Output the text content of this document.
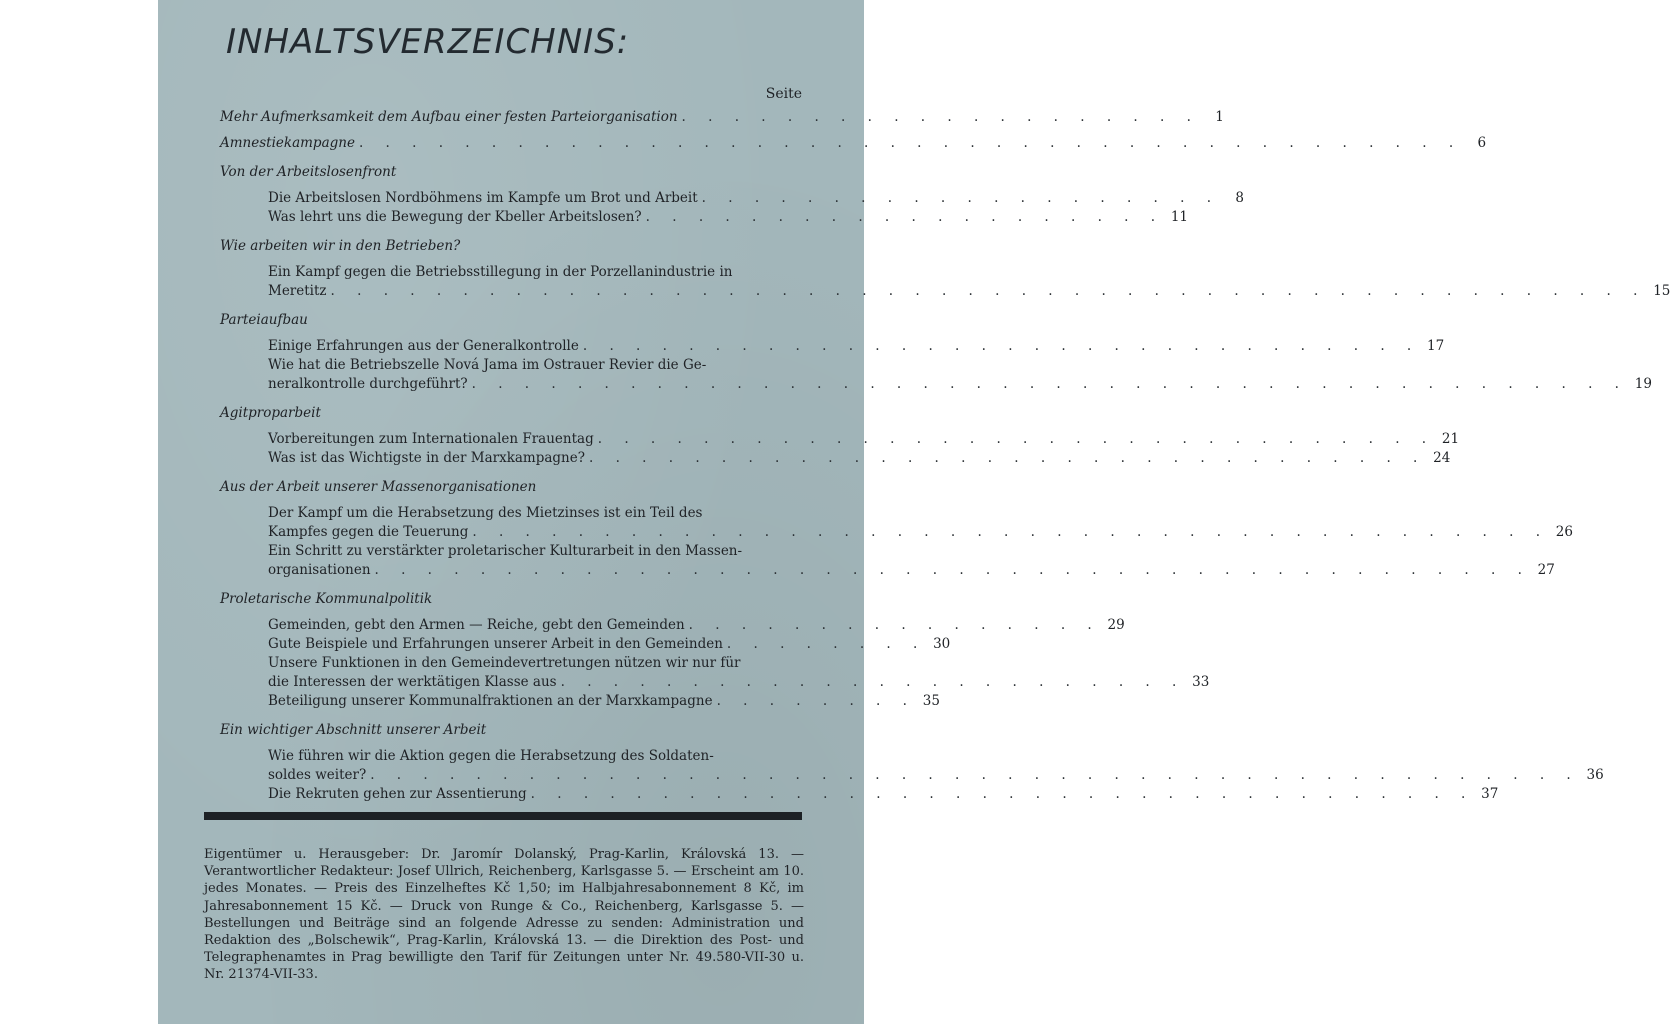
INHALTSVERZEICHNIS:
Seite
Mehr Aufmerksamkeit dem Aufbau einer festen Parteiorganisation . . . . . . . . . . . . . . . . . . . .	1
Amnestiekampagne . . . . . . . . . . . . . . . . . . . . . . . . . . . . . . . . . . . . . . . . . .	6
Von der Arbeitslosenfront
Die Arbeitslosen Nordböhmens im Kampfe um Brot und Arbeit . . . . . . . . . . . . . . . . . . . .	8
Was lehrt uns die Bewegung der Kbeller Arbeitslosen? . . . . . . . . . . . . . . . . . . . . 11
Wie arbeiten wir in den Betrieben?
Ein Kampf gegen die Betriebsstillegung in der Porzellanindustrie in
Meretitz . . . . . . . . . . . . . . . . . . . . . . . . . . . . . . . . . . . . . . . . . . . . . . . . . . 15
Parteiaufbau
Einige Erfahrungen aus der Generalkontrolle . . . . . . . . . . . . . . . . . . . . . . . . . . . . . . . . 17
Wie hat die Betriebszelle Nová Jama im Ostrauer Revier die Ge-
neralkontrolle durchgeführt? . . . . . . . . . . . . . . . . . . . . . . . . . . . . . . . . . . . . . . . . . . . . 19
Agitproparbeit
Vorbereitungen zum Internationalen Frauentag . . . . . . . . . . . . . . . . . . . . . . . . . . . . . . . . 21
Was ist das Wichtigste in der Marxkampagne? . . . . . . . . . . . . . . . . . . . . . . . . . . . . . . . . 24
Aus der Arbeit unserer Massenorganisationen
Der Kampf um die Herabsetzung des Mietzinses ist ein Teil des
Kampfes gegen die Teuerung . . . . . . . . . . . . . . . . . . . . . . . . . . . . . . . . . . . . . . . . . 26
Ein Schritt zu verstärkter proletarischer Kulturarbeit in den Massen-
organisationen . . . . . . . . . . . . . . . . . . . . . . . . . . . . . . . . . . . . . . . . . . . . 27
Proletarische Kommunalpolitik
Gemeinden, gebt den Armen — Reiche, gebt den Gemeinden . . . . . . . . . . . . . . . . 29
Gute Beispiele und Erfahrungen unserer Arbeit in den Gemeinden . . . . . . . . 30
Unsere Funktionen in den Gemeindevertretungen nützen wir nur für
die Interessen der werktätigen Klasse aus . . . . . . . . . . . . . . . . . . . . . . . . 33
Beteiligung unserer Kommunalfraktionen an der Marxkampagne . . . . . . . . 35
Ein wichtiger Abschnitt unserer Arbeit
Wie führen wir die Aktion gegen die Herabsetzung des Soldaten-
soldes weiter? . . . . . . . . . . . . . . . . . . . . . . . . . . . . . . . . . . . . . . . . . . . . . . 36
Die Rekruten gehen zur Assentierung . . . . . . . . . . . . . . . . . . . . . . . . . . . . . . . . . . . . 37
Eigentümer u. Herausgeber: Dr. Jaromír Dolanský, Prag-Karlin, Královská 13. — Verantwortlicher Redakteur: Josef Ullrich, Reichenberg, Karlsgasse 5. — Erscheint am 10. jedes Monates. — Preis des Einzelheftes Kč 1,50; im Halbjahresabonnement 8 Kč, im Jahresabonnement 15 Kč. — Druck von Runge & Co., Reichenberg, Karlsgasse 5. — Bestellungen und Beiträge sind an folgende Adresse zu senden: Administration und Redaktion des „Bolschewik“, Prag-Karlin, Královská 13. — die Direktion des Post- und Telegraphenamtes in Prag bewilligte den Tarif für Zeitungen unter Nr. 49.580-VII-30 u. Nr. 21374-VII-33.
